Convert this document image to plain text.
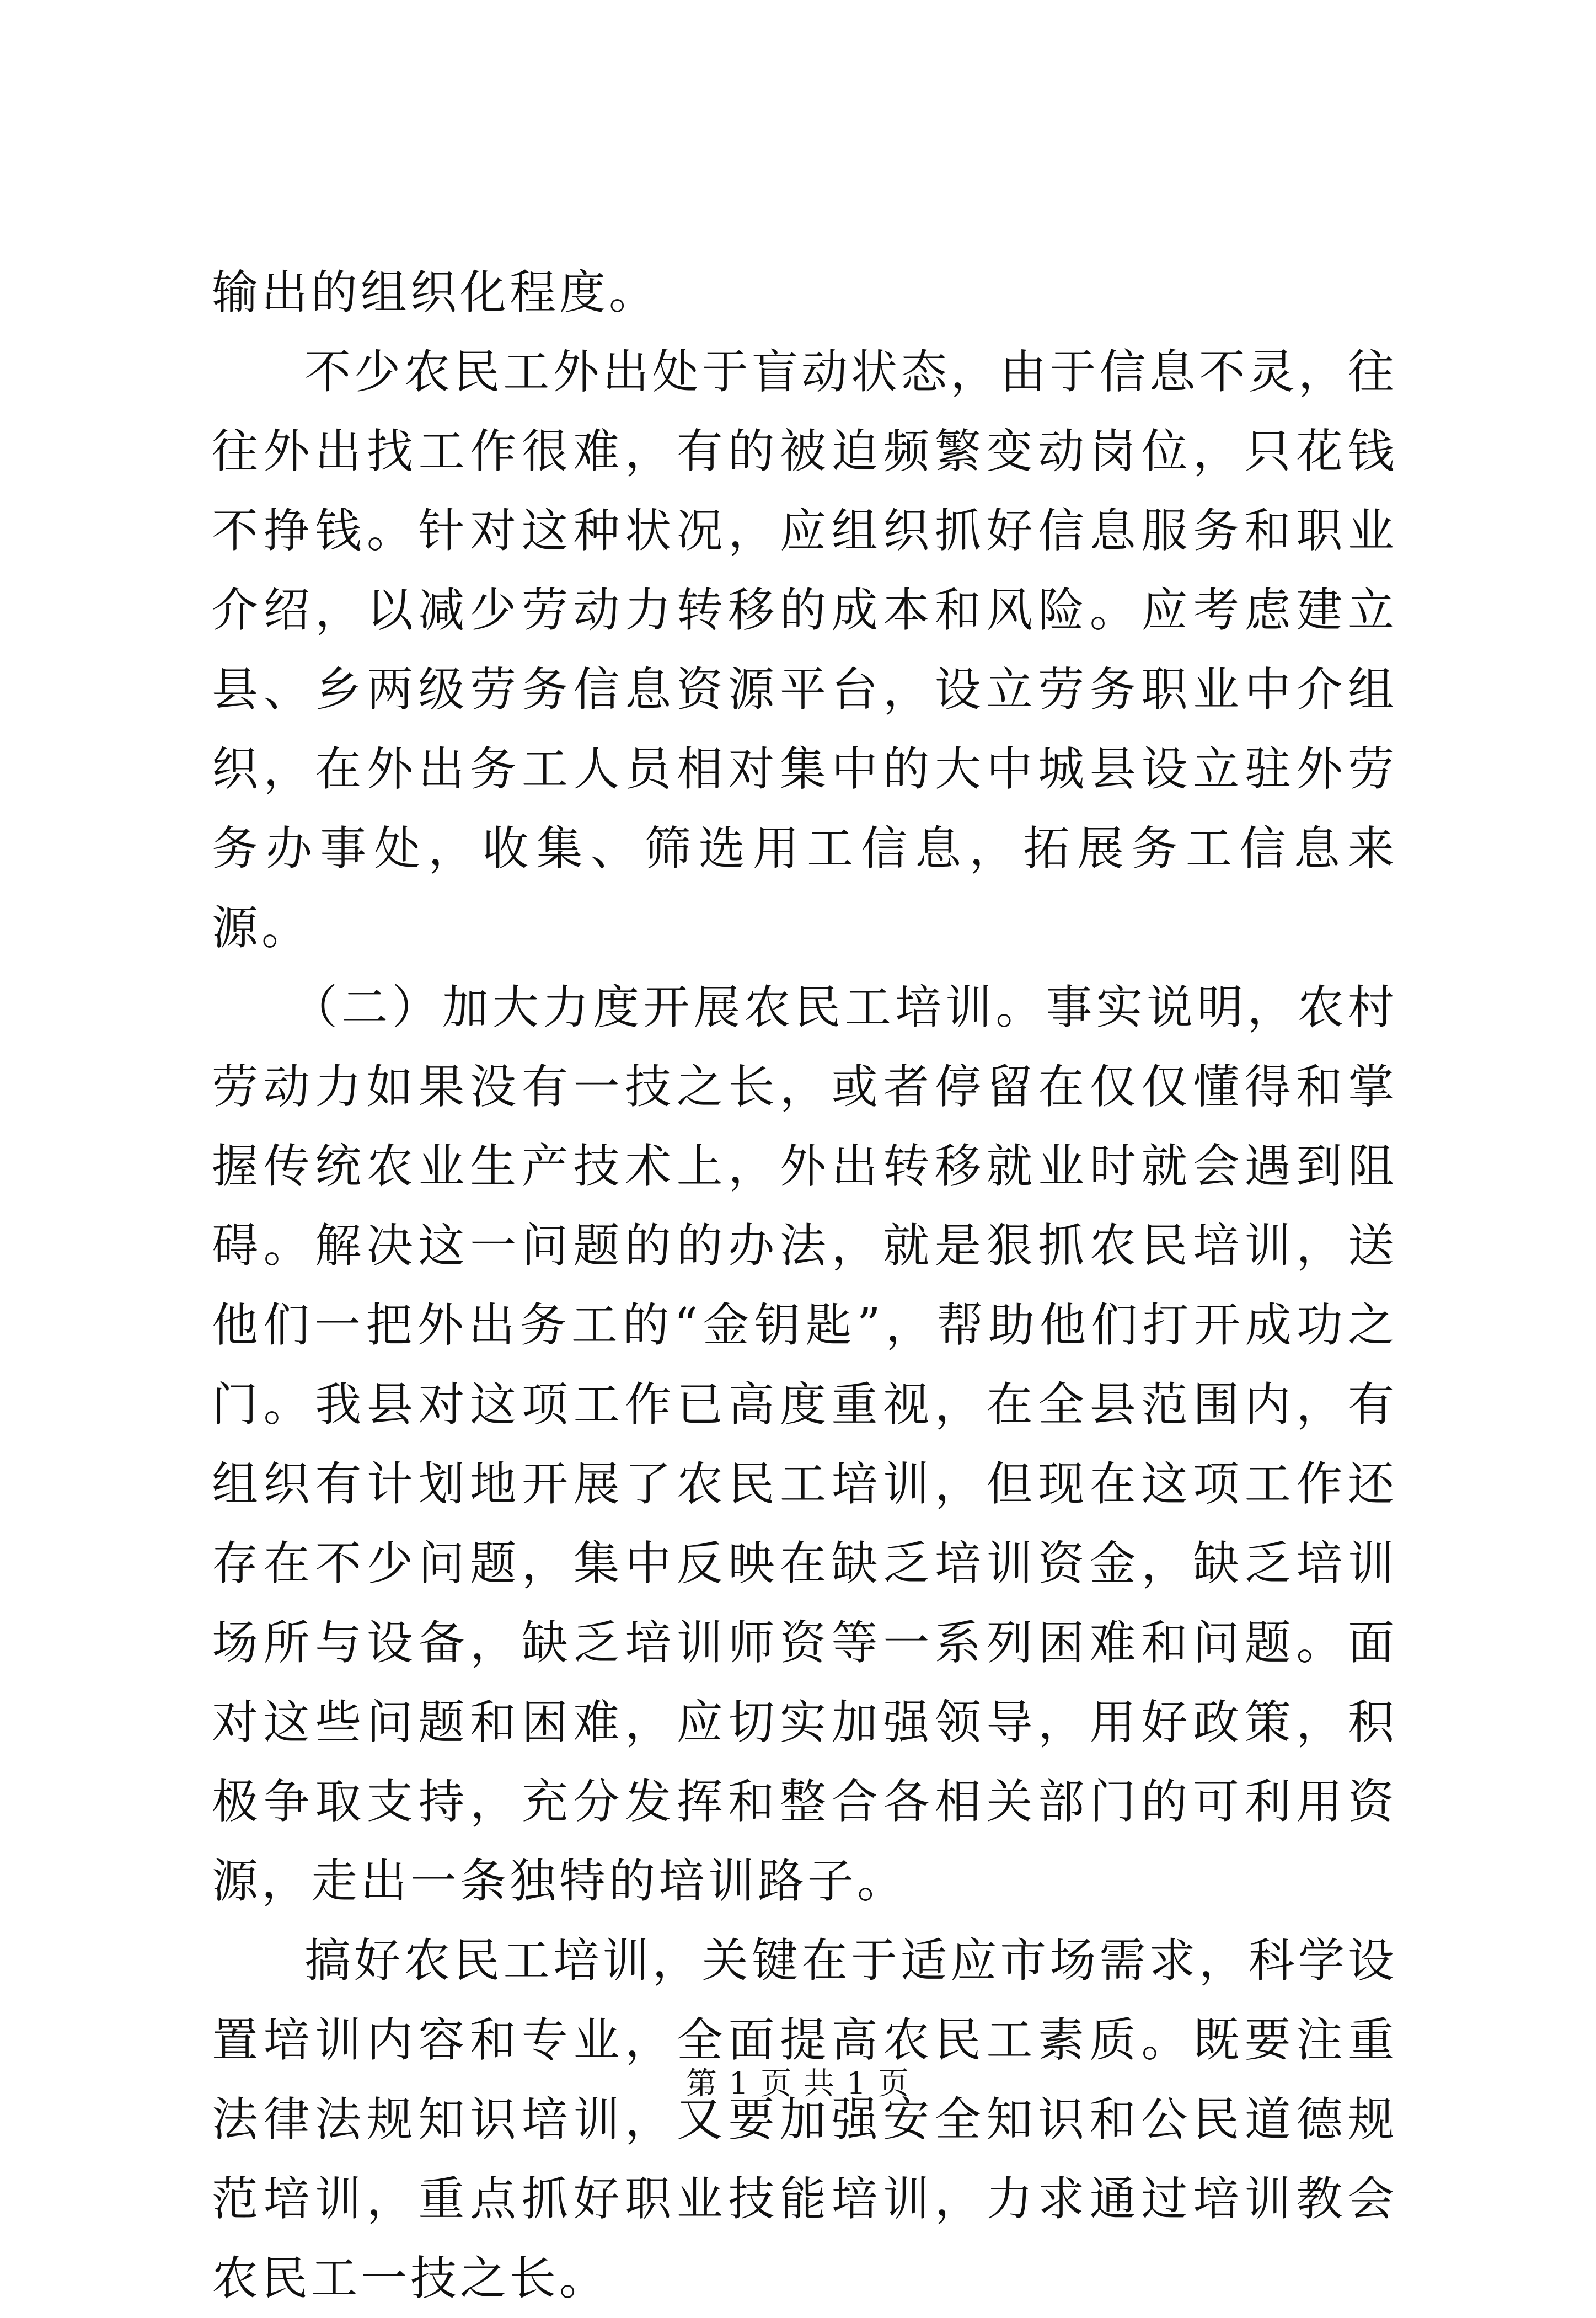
输出的组织化程度。

不少农民工外出处于盲动状态，由于信息不灵，往往外出找工作很难，有的被迫频繁变动岗位，只花钱不挣钱。针对这种状况，应组织抓好信息服务和职业介绍，以减少劳动力转移的成本和风险。应考虑建立县、乡两级劳务信息资源平台，设立劳务职业中介组织，在外出务工人员相对集中的大中城县设立驻外劳务办事处，收集、筛选用工信息，拓展务工信息来源。

（二）加大力度开展农民工培训。事实说明，农村劳动力如果没有一技之长，或者停留在仅仅懂得和掌握传统农业生产技术上，外出转移就业时就会遇到阻碍。解决这一问题的的办法，就是狠抓农民培训，送他们一把外出务工的“金钥匙”，帮助他们打开成功之门。我县对这项工作已高度重视，在全县范围内，有组织有计划地开展了农民工培训，但现在这项工作还存在不少问题，集中反映在缺乏培训资金，缺乏培训场所与设备，缺乏培训师资等一系列困难和问题。面对这些问题和困难，应切实加强领导，用好政策，积极争取支持，充分发挥和整合各相关部门的可利用资源，走出一条独特的培训路子。

搞好农民工培训，关键在于适应市场需求，科学设置培训内容和专业，全面提高农民工素质。既要注重法律法规知识培训，又要加强安全知识和公民道德规范培训，重点抓好职业技能培训，力求通过培训教会农民工一技之长。

第 1 页 共 1 页
